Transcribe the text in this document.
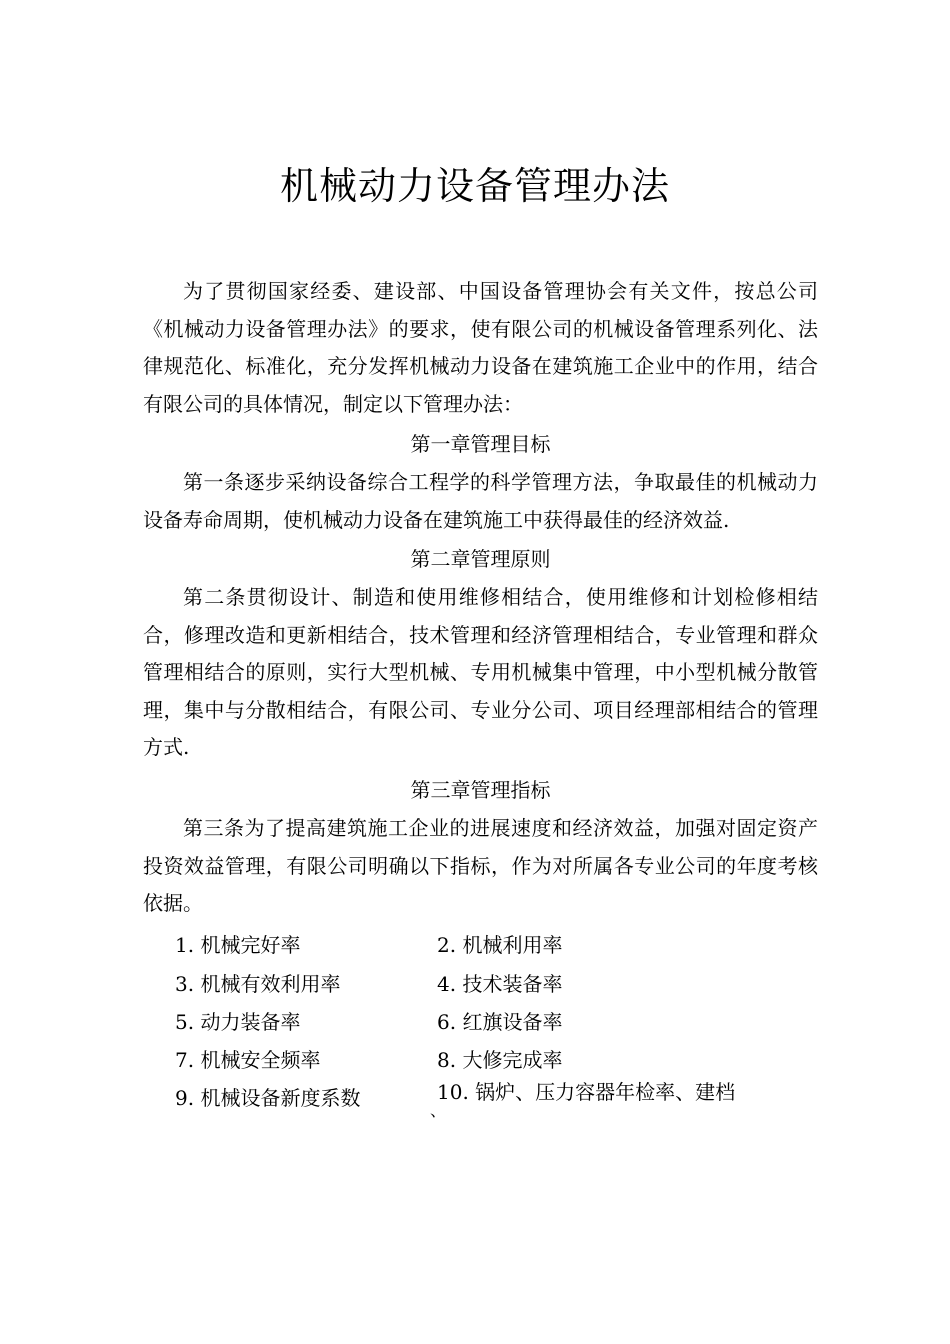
机械动力设备管理办法

为了贯彻国家经委、建设部、中国设备管理协会有关文件，按总公司《机械动力设备管理办法》的要求，使有限公司的机械设备管理系列化、法律规范化、标准化，充分发挥机械动力设备在建筑施工企业中的作用，结合有限公司的具体情况，制定以下管理办法：

第一章管理目标

第一条逐步采纳设备综合工程学的科学管理方法，争取最佳的机械动力设备寿命周期，使机械动力设备在建筑施工中获得最佳的经济效益.

第二章管理原则

第二条贯彻设计、制造和使用维修相结合，使用维修和计划检修相结合，修理改造和更新相结合，技术管理和经济管理相结合，专业管理和群众管理相结合的原则，实行大型机械、专用机械集中管理，中小型机械分散管理，集中与分散相结合，有限公司、专业分公司、项目经理部相结合的管理方式.

第三章管理指标

第三条为了提高建筑施工企业的进展速度和经济效益，加强对固定资产投资效益管理，有限公司明确以下指标，作为对所属各专业公司的年度考核依据。

1. 机械完好率	2. 机械利用率
3. 机械有效利用率	4. 技术装备率
5. 动力装备率	6. 红旗设备率
7. 机械安全频率	8. 大修完成率
9. 机械设备新度系数	10. 锅炉、压力容器年检率、建档
、
